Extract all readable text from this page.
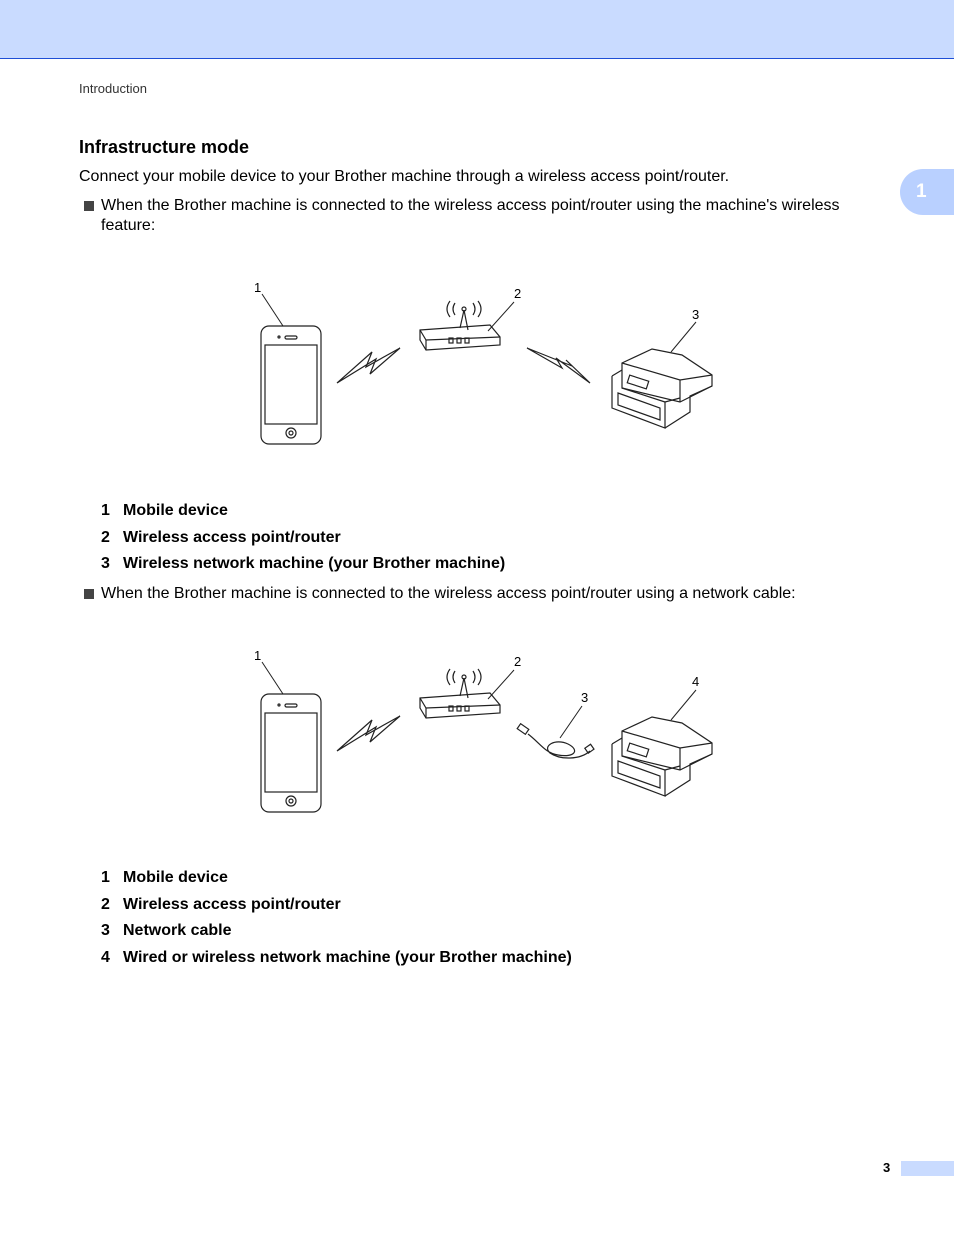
Introduction
1
Infrastructure mode

Connect your mobile device to your Brother machine through a wireless access point/router.

When the Brother machine is connected to the wireless access point/router using the machine's wireless feature:
1	2
3
1 Mobile device
2 Wireless access point/router
3 Wireless network machine (your Brother machine)
When the Brother machine is connected to the wireless access point/router using a network cable:
1	2
3
4
1 Mobile device
2 Wireless access point/router
3 Network cable
4 Wired or wireless network machine (your Brother machine)
3
